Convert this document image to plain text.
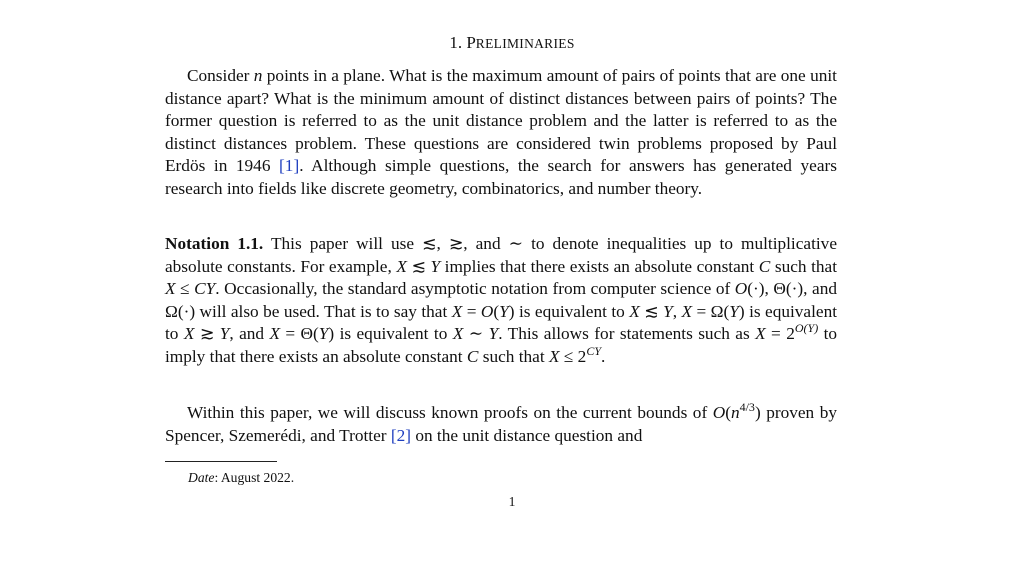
1. PRELIMINARIES

Consider n points in a plane. What is the maximum amount of pairs of points that are one unit distance apart? What is the minimum amount of distinct distances between pairs of points? The former question is referred to as the unit distance problem and the latter is referred to as the distinct distances problem. These questions are considered twin problems proposed by Paul Erdös in 1946 [1]. Although simple questions, the search for answers has generated years research into fields like discrete geometry, combinatorics, and number theory.

Notation 1.1. This paper will use ≲, ≳, and ∼ to denote inequalities up to multiplicative absolute constants. For example, X ≲ Y implies that there exists an absolute constant C such that X ≤ CY. Occasionally, the standard asymptotic notation from computer science of O(·), Θ(·), and Ω(·) will also be used. That is to say that X = O(Y) is equivalent to X ≲ Y, X = Ω(Y) is equivalent to X ≳ Y, and X = Θ(Y) is equivalent to X ∼ Y. This allows for statements such as $X = 2^{O(Y)}$ to imply that there exists an absolute constant C such that $X \le 2^{CY}$.

Within this paper, we will discuss known proofs on the current bounds of $O(n^{4/3})$ proven by Spencer, Szemerédi, and Trotter [2] on the unit distance question and

Date: August 2022.
1
